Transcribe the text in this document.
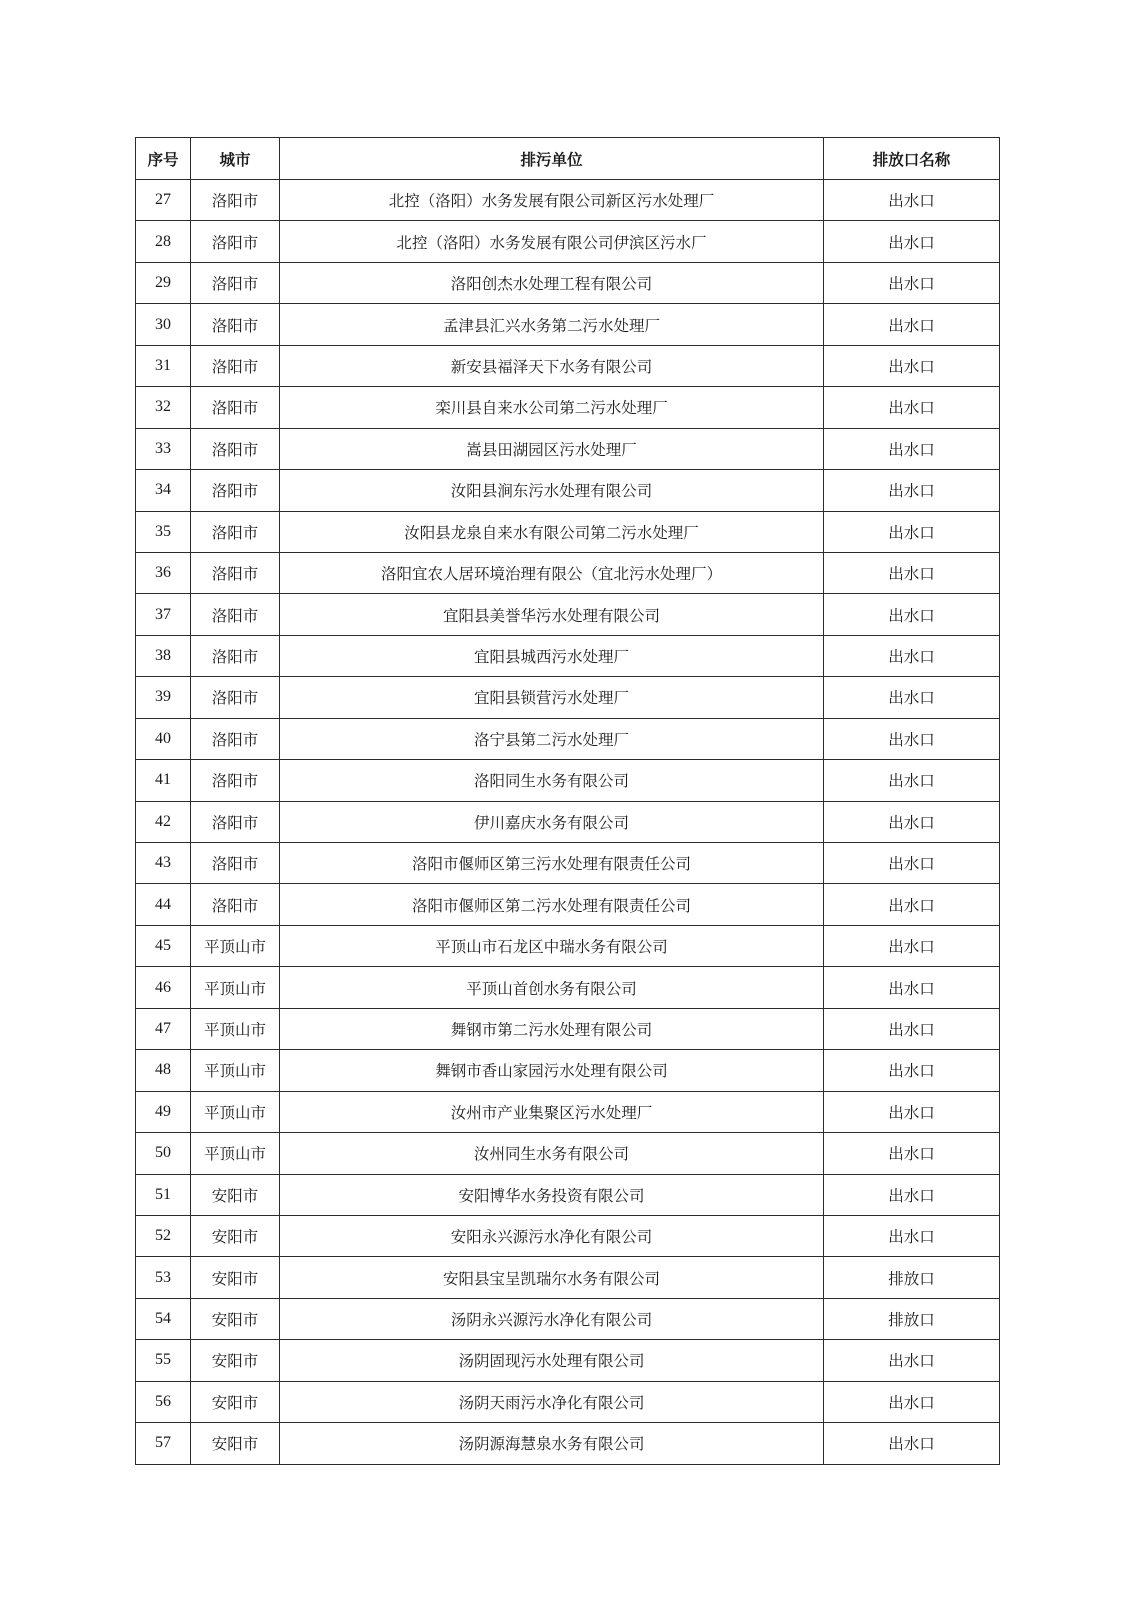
序号	城市	排污单位	排放口名称
27	洛阳市	北控（洛阳）水务发展有限公司新区污水处理厂	出水口
28	洛阳市	北控（洛阳）水务发展有限公司伊滨区污水厂	出水口
29	洛阳市	洛阳创杰水处理工程有限公司	出水口
30	洛阳市	孟津县汇兴水务第二污水处理厂	出水口
31	洛阳市	新安县福泽天下水务有限公司	出水口
32	洛阳市	栾川县自来水公司第二污水处理厂	出水口
33	洛阳市	嵩县田湖园区污水处理厂	出水口
34	洛阳市	汝阳县涧东污水处理有限公司	出水口
35	洛阳市	汝阳县龙泉自来水有限公司第二污水处理厂	出水口
36	洛阳市	洛阳宜农人居环境治理有限公（宜北污水处理厂）	出水口
37	洛阳市	宜阳县美誉华污水处理有限公司	出水口
38	洛阳市	宜阳县城西污水处理厂	出水口
39	洛阳市	宜阳县锁营污水处理厂	出水口
40	洛阳市	洛宁县第二污水处理厂	出水口
41	洛阳市	洛阳同生水务有限公司	出水口
42	洛阳市	伊川嘉庆水务有限公司	出水口
43	洛阳市	洛阳市偃师区第三污水处理有限责任公司	出水口
44	洛阳市	洛阳市偃师区第二污水处理有限责任公司	出水口
45	平顶山市	平顶山市石龙区中瑞水务有限公司	出水口
46	平顶山市	平顶山首创水务有限公司	出水口
47	平顶山市	舞钢市第二污水处理有限公司	出水口
48	平顶山市	舞钢市香山家园污水处理有限公司	出水口
49	平顶山市	汝州市产业集聚区污水处理厂	出水口
50	平顶山市	汝州同生水务有限公司	出水口
51	安阳市	安阳博华水务投资有限公司	出水口
52	安阳市	安阳永兴源污水净化有限公司	出水口
53	安阳市	安阳县宝呈凯瑞尔水务有限公司	排放口
54	安阳市	汤阴永兴源污水净化有限公司	排放口
55	安阳市	汤阴固现污水处理有限公司	出水口
56	安阳市	汤阴天雨污水净化有限公司	出水口
57	安阳市	汤阴源海慧泉水务有限公司	出水口
